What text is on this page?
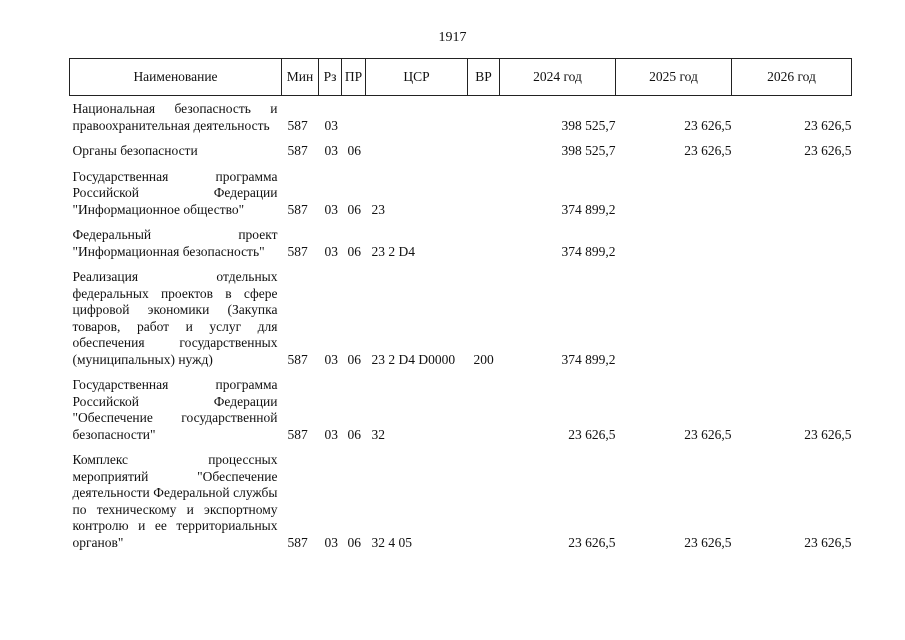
1917
Наименование	Мин	Рз	ПР	ЦСР	ВР	2024 год	2025 год	2026 год
Национальная безопасность и правоохранительная деятельность	587	03				398 525,7	23 626,5	23 626,5
Органы безопасности	587	03	06			398 525,7	23 626,5	23 626,5
Государственная программа Российской Федерации "Информационное общество"	587	03	06	23		374 899,2		
Федеральный проект "Информационная безопасность"	587	03	06	23 2 D4		374 899,2		
Реализация отдельных федеральных проектов в сфере цифровой экономики (Закупка товаров, работ и услуг для обеспечения государственных (муниципальных) нужд)	587	03	06	23 2 D4 D0000	200	374 899,2		
Государственная программа Российской Федерации "Обеспечение государственной безопасности"	587	03	06	32		23 626,5	23 626,5	23 626,5
Комплекс процессных мероприятий "Обеспечение деятельности Федеральной службы по техническому и экспортному контролю и ее территориальных органов"	587	03	06	32 4 05		23 626,5	23 626,5	23 626,5
